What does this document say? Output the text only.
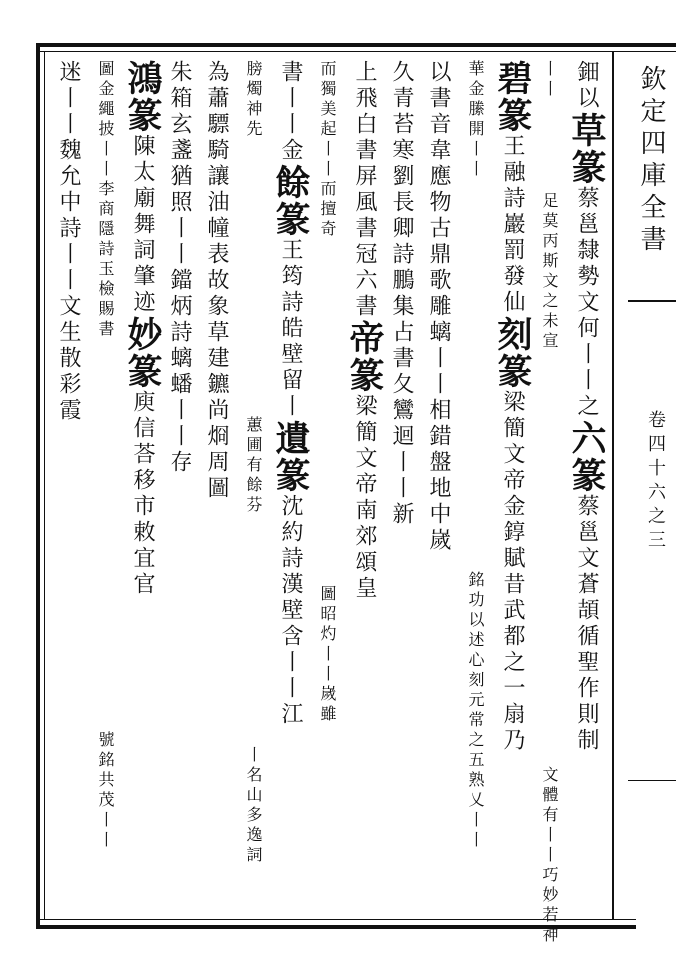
欽定四庫全書
卷四十六之三
鈿以草篆蔡邕隸勢文何丨丨之六篆蔡邕文蒼頡循聖作則制
丨丨    足莫丙斯文之未宣                  文體有丨丨巧妙若神
碧篆王融詩巖罰發仙刻篆梁簡文帝金錞賦昔武都之一扇乃
華金縢開丨丨                 銘功以述心刻元常之五熟乂丨丨
以書音韋應物古鼎歌雕螭丨丨相錯盤地中嵗
久青苔寒劉長卿詩鵬集占書夂鸞迴丨丨新
上飛白書屏風書冠六書帝篆梁簡文帝南郊頌皇
而獨美起丨丨而擅奇               圖昭灼丨丨嵗雖
書丨丨金餘篆王筠詩皓壁留丨遺篆沈約詩漢壁含丨丨江
膀燭神先            蕙圃有餘芬          丨名山多逸詞
為蕭驃騎讓油幢表故象草建鑣尚烱周圖
朱箱玄盞猶照丨丨鐺炳詩螭蟠丨丨存
鴻篆陳太廟舞詞肇迹妙篆庾信荅移市敕宜官
圖金繩披丨丨李商隱詩玉檢賜書                 號銘共茂丨丨
迷丨丨魏允中詩丨丨文生散彩霞
